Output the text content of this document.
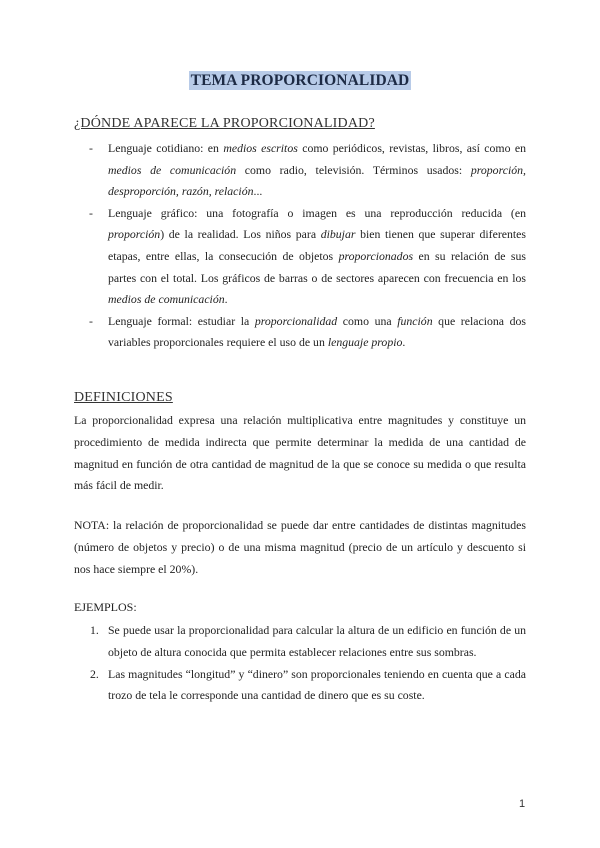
TEMA PROPORCIONALIDAD
¿DÓNDE APARECE LA PROPORCIONALIDAD?
- Lenguaje cotidiano: en medios escritos como periódicos, revistas, libros, así como en medios de comunicación como radio, televisión. Términos usados: proporción, desproporción, razón, relación...
- Lenguaje gráfico: una fotografía o imagen es una reproducción reducida (en proporción) de la realidad. Los niños para dibujar bien tienen que superar diferentes etapas, entre ellas, la consecución de objetos proporcionados en su relación de sus partes con el total. Los gráficos de barras o de sectores aparecen con frecuencia en los medios de comunicación.
- Lenguaje formal: estudiar la proporcionalidad como una función que relaciona dos variables proporcionales requiere el uso de un lenguaje propio.
DEFINICIONES
La proporcionalidad expresa una relación multiplicativa entre magnitudes y constituye un procedimiento de medida indirecta que permite determinar la medida de una cantidad de magnitud en función de otra cantidad de magnitud de la que se conoce su medida o que resulta más fácil de medir.
NOTA: la relación de proporcionalidad se puede dar entre cantidades de distintas magnitudes (número de objetos y precio) o de una misma magnitud (precio de un artículo y descuento si nos hace siempre el 20%).
EJEMPLOS:
1. Se puede usar la proporcionalidad para calcular la altura de un edificio en función de un objeto de altura conocida que permita establecer relaciones entre sus sombras.
2. Las magnitudes “longitud” y “dinero” son proporcionales teniendo en cuenta que a cada trozo de tela le corresponde una cantidad de dinero que es su coste.
1
